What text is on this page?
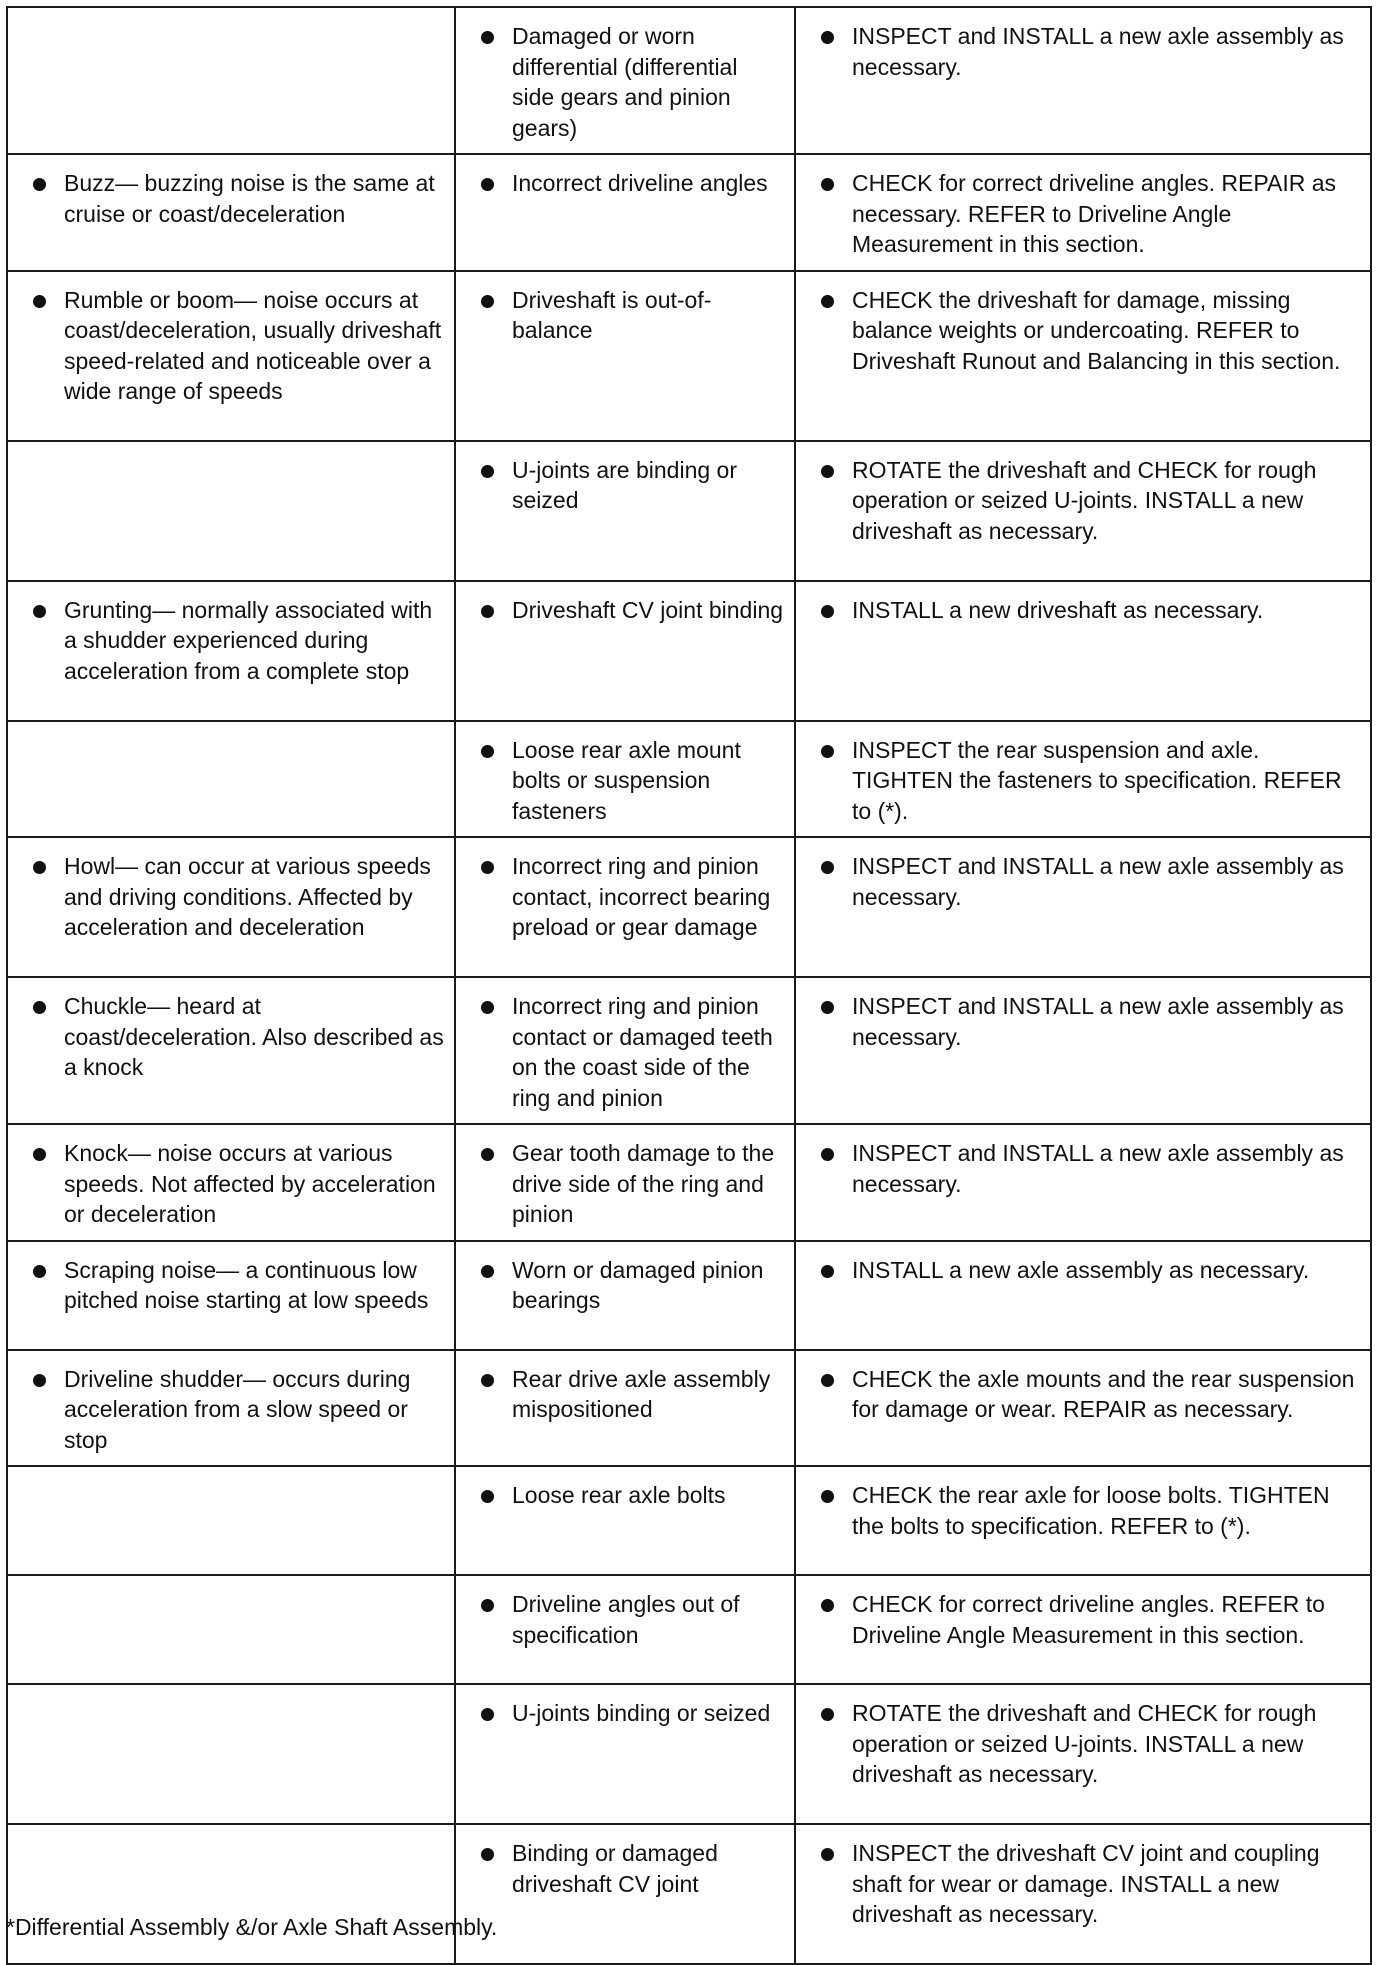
	Damaged or worn differential (differential side gears and pinion gears)	INSPECT and INSTALL a new axle assembly as necessary.

Buzz— buzzing noise is the same at cruise or coast/deceleration	Incorrect driveline angles	CHECK for correct driveline angles. REPAIR as necessary. REFER to Driveline Angle Measurement in this section.

Rumble or boom— noise occurs at coast/deceleration, usually driveshaft speed-related and noticeable over a wide range of speeds	Driveshaft is out-of-balance	CHECK the driveshaft for damage, missing balance weights or undercoating. REFER to Driveshaft Runout and Balancing in this section.

	U-joints are binding or seized	ROTATE the driveshaft and CHECK for rough operation or seized U-joints. INSTALL a new driveshaft as necessary.

Grunting— normally associated with a shudder experienced during acceleration from a complete stop	Driveshaft CV joint binding	INSTALL a new driveshaft as necessary.

	Loose rear axle mount bolts or suspension fasteners	INSPECT the rear suspension and axle. TIGHTEN the fasteners to specification. REFER to (*).

Howl— can occur at various speeds and driving conditions. Affected by acceleration and deceleration	Incorrect ring and pinion contact, incorrect bearing preload or gear damage	INSPECT and INSTALL a new axle assembly as necessary.

Chuckle— heard at coast/deceleration. Also described as a knock	Incorrect ring and pinion contact or damaged teeth on the coast side of the ring and pinion	INSPECT and INSTALL a new axle assembly as necessary.

Knock— noise occurs at various speeds. Not affected by acceleration or deceleration	Gear tooth damage to the drive side of the ring and pinion	INSPECT and INSTALL a new axle assembly as necessary.

Scraping noise— a continuous low pitched noise starting at low speeds	Worn or damaged pinion bearings	INSTALL a new axle assembly as necessary.

Driveline shudder— occurs during acceleration from a slow speed or stop	Rear drive axle assembly mispositioned	CHECK the axle mounts and the rear suspension for damage or wear. REPAIR as necessary.

	Loose rear axle bolts	CHECK the rear axle for loose bolts. TIGHTEN the bolts to specification. REFER to (*).

	Driveline angles out of specification	CHECK for correct driveline angles. REFER to Driveline Angle Measurement in this section.

	U-joints binding or seized	ROTATE the driveshaft and CHECK for rough operation or seized U-joints. INSTALL a new driveshaft as necessary.

	Binding or damaged driveshaft CV joint	INSPECT the driveshaft CV joint and coupling shaft for wear or damage. INSTALL a new driveshaft as necessary.
*Differential Assembly &/or Axle Shaft Assembly.
